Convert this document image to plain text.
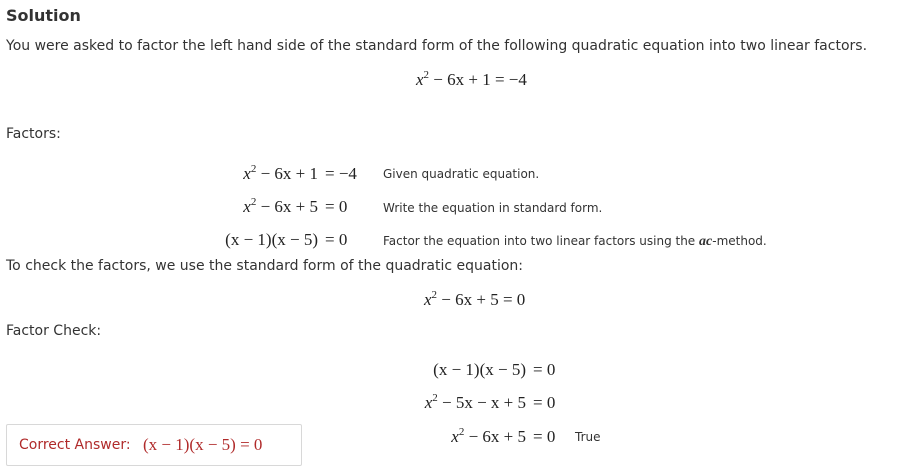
Solution
You were asked to factor the left hand side of the standard form of the following quadratic equation into two linear factors.
$x^2 - 6x + 1 = -4$
Factors:
$x^2 - 6x + 1 = -4$ Given quadratic equation.
$x^2 - 6x + 5 = 0$	Write the equation in standard form.
(x − 1)(x − 5) = 0	Factor the equation into two linear factors using the ac-method.
To check the factors, we use the standard form of the quadratic equation:
$x^2 - 6x + 5 = 0$
Factor Check:
(x − 1)(x − 5) = 0
$x^2 - 5x - x + 5 = 0$
$x^2 - 6x + 5 = 0$ True
Correct Answer: (x − 1)(x − 5) = 0
